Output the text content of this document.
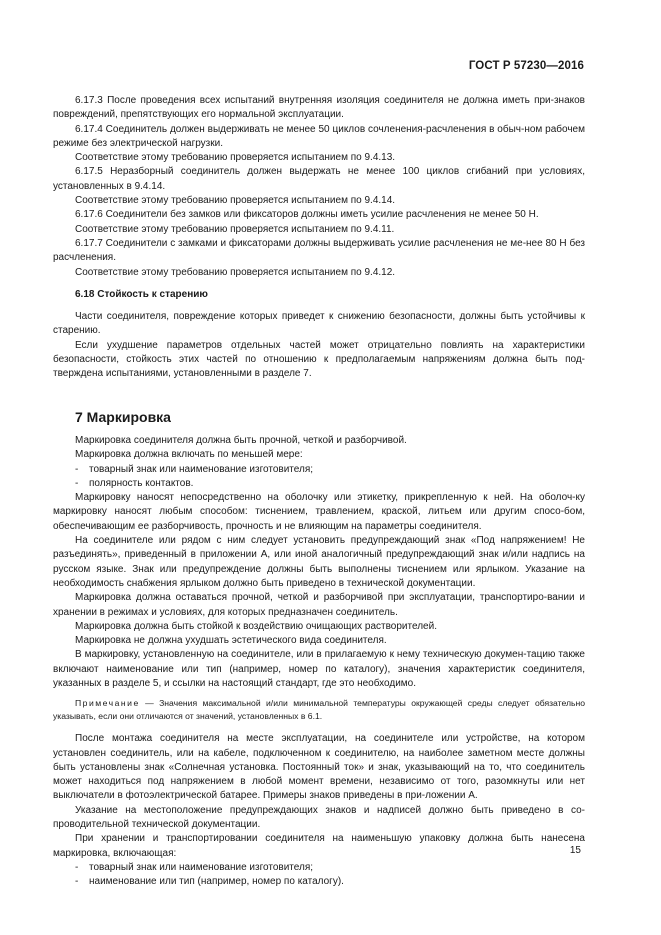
ГОСТ Р 57230—2016

6.17.3 После проведения всех испытаний внутренняя изоляция соединителя не должна иметь при-знаков повреждений, препятствующих его нормальной эксплуатации.

6.17.4 Соединитель должен выдерживать не менее 50 циклов сочленения-расчленения в обыч-ном рабочем режиме без электрической нагрузки.

Соответствие этому требованию проверяется испытанием по 9.4.13.

6.17.5 Неразборный соединитель должен выдержать не менее 100 циклов сгибаний при условиях, установленных в 9.4.14.

Соответствие этому требованию проверяется испытанием по 9.4.14.

6.17.6 Соединители без замков или фиксаторов должны иметь усилие расчленения не менее 50 Н.

Соответствие этому требованию проверяется испытанием по 9.4.11.

6.17.7 Соединители с замками и фиксаторами должны выдерживать усилие расчленения не ме-нее 80 Н без расчленения.

Соответствие этому требованию проверяется испытанием по 9.4.12.

6.18 Стойкость к старению

Части соединителя, повреждение которых приведет к снижению безопасности, должны быть устойчивы к старению.

Если ухудшение параметров отдельных частей может отрицательно повлиять на характеристики безопасности, стойкость этих частей по отношению к предполагаемым напряжениям должна быть под-тверждена испытаниями, установленными в разделе 7.

7 Маркировка

Маркировка соединителя должна быть прочной, четкой и разборчивой.

Маркировка должна включать по меньшей мере:

- товарный знак или наименование изготовителя;
- полярность контактов.

Маркировку наносят непосредственно на оболочку или этикетку, прикрепленную к ней. На оболоч-ку маркировку наносят любым способом: тиснением, травлением, краской, литьем или другим спосо-бом, обеспечивающим ее разборчивость, прочность и не влияющим на параметры соединителя.

На соединителе или рядом с ним следует установить предупреждающий знак «Под напряжением! Не разъединять», приведенный в приложении А, или иной аналогичный предупреждающий знак и/или надпись на русском языке. Знак или предупреждение должны быть выполнены тиснением или ярлыком. Указание на необходимость снабжения ярлыком должно быть приведено в технической документации.

Маркировка должна оставаться прочной, четкой и разборчивой при эксплуатации, транспортиро-вании и хранении в режимах и условиях, для которых предназначен соединитель.

Маркировка должна быть стойкой к воздействию очищающих растворителей.

Маркировка не должна ухудшать эстетического вида соединителя.

В маркировку, установленную на соединителе, или в прилагаемую к нему техническую докумен-тацию также включают наименование или тип (например, номер по каталогу), значения характеристик соединителя, указанных в разделе 5, и ссылки на настоящий стандарт, где это необходимо.

Примечание — Значения максимальной и/или минимальной температуры окружающей среды следует обязательно указывать, если они отличаются от значений, установленных в 6.1.

После монтажа соединителя на месте эксплуатации, на соединителе или устройстве, на котором установлен соединитель, или на кабеле, подключенном к соединителю, на наиболее заметном месте должны быть установлены знак «Солнечная установка. Постоянный ток» и знак, указывающий на то, что соединитель может находиться под напряжением в любой момент времени, независимо от того, разомкнуты или нет выключатели в фотоэлектрической батарее. Примеры знаков приведены в при-ложении А.

Указание на местоположение предупреждающих знаков и надписей должно быть приведено в со-проводительной технической документации.

При хранении и транспортировании соединителя на наименьшую упаковку должна быть нанесена маркировка, включающая:

- товарный знак или наименование изготовителя;
- наименование или тип (например, номер по каталогу).
15
